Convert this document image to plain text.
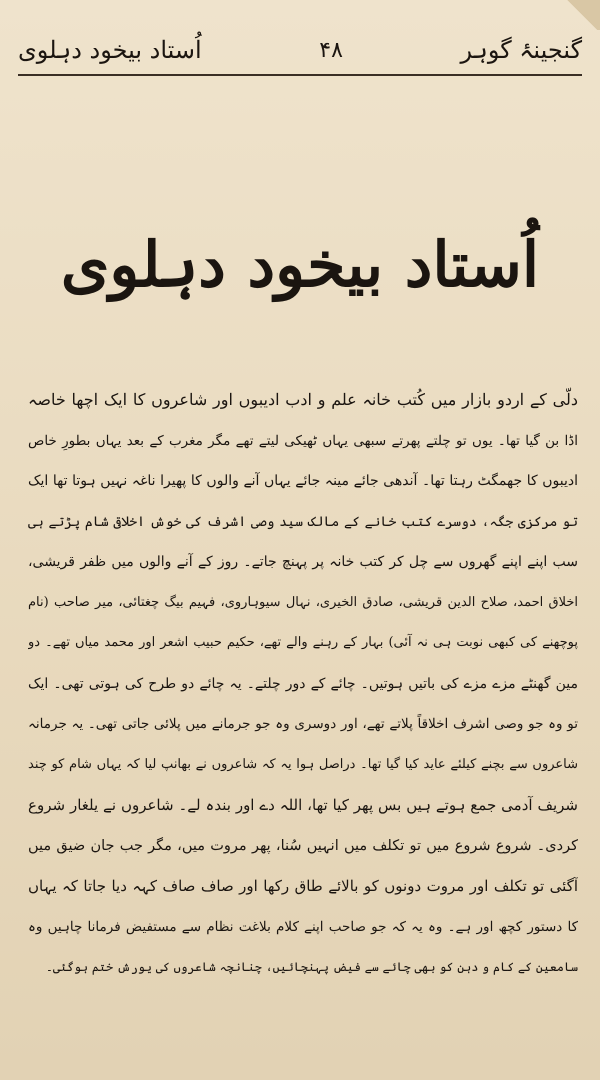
گنجینۂ گوہر
۴۸
اُستاد بیخود دہلوی
اُستاد بیخود دہلوی
دلّی کے اردو بازار میں کُتب خانہ علم و ادب ادیبوں اور شاعروں کا ایک اچھا خاصہ
اڈا بن گیا تھا۔ یوں تو چلتے پھرتے سبھی یہاں ٹھیکی لیتے تھے مگر مغرب کے بعد یہاں بطورِ خاص
ادیبوں کا جھمگٹ رہتا تھا۔ آندھی جائے مینہ جائے یہاں آنے والوں کا پھیرا ناغہ نہیں ہوتا تھا ایک
تو مرکزی جگہ، دوسرے کتب خانے کے مالک سید وصی اشرف کی خوش اخلاقی شام پڑتے ہی
سب اپنے اپنے گھروں سے چل کر کتب خانہ پر پہنچ جاتے۔ روز کے آنے والوں میں ظفر قریشی،
اخلاق احمد، صلاح الدین قریشی، صادق الخیری، نہال سیوہاروی، فہیم بیگ چغتائی، میر صاحب (نام
پوچھنے کی کبھی نوبت ہی نہ آئی) بہار کے رہنے والے تھے، حکیم حبیب اشعر اور محمد میاں تھے۔ دو
مین گھنٹے مزے مزے کی باتیں ہوتیں۔ چائے کے دور چلتے۔ یہ چائے دو طرح کی ہوتی تھی۔ ایک
تو وہ جو وصی اشرف اخلاقاً پلاتے تھے، اور دوسری وہ جو جرمانے میں پلائی جاتی تھی۔ یہ جرمانہ
شاعروں سے بچنے کیلئے عاید کیا گیا تھا۔ دراصل ہوا یہ کہ شاعروں نے بھانپ لیا کہ یہاں شام کو چند
شریف آدمی جمع ہوتے ہیں بس پھر کیا تھا، اللہ دے اور بندہ لے۔ شاعروں نے یلغار شروع
کردی۔ شروع شروع میں تو تکلف میں انہیں سُنا، پھر مروت میں، مگر جب جان ضیق میں
آگئی تو تکلف اور مروت دونوں کو بالائے طاق رکھا اور صاف صاف کہہ دیا جاتا کہ یہاں
کا دستور کچھ اور ہے۔ وہ یہ کہ جو صاحب اپنے کلام بلاغت نظام سے مستفیض فرمانا چاہیں وہ
سامعین کے کام و دہن کو بھی چائے سے فیض پہنچائیں، چنانچہ شاعروں کی یورش ختم ہوگئی۔
